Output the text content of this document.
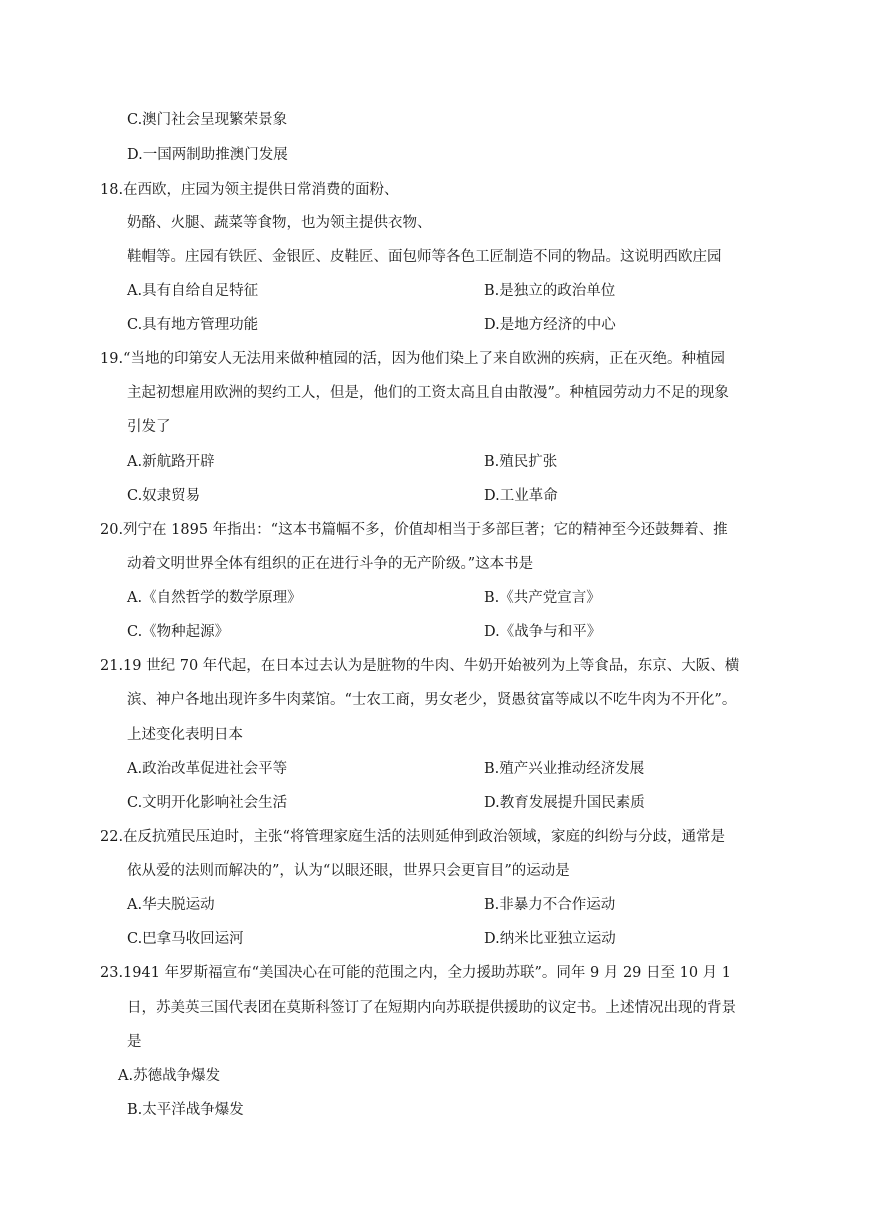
C.澳门社会呈现繁荣景象
D.一国两制助推澳门发展
18.在西欧，庄园为领主提供日常消费的面粉、
奶酪、火腿、蔬菜等食物，也为领主提供衣物、
鞋帽等。庄园有铁匠、金银匠、皮鞋匠、面包师等各色工匠制造不同的物品。这说明西欧庄园
A.具有自给自足特征	B.是独立的政治单位
C.具有地方管理功能	D.是地方经济的中心
19.“当地的印第安人无法用来做种植园的活，因为他们染上了来自欧洲的疾病，正在灭绝。种植园
主起初想雇用欧洲的契约工人，但是，他们的工资太高且自由散漫”。种植园劳动力不足的现象
引发了
A.新航路开辟	B.殖民扩张
C.奴隶贸易	D.工业革命
20.列宁在 1895 年指出：“这本书篇幅不多，价值却相当于多部巨著；它的精神至今还鼓舞着、推
动着文明世界全体有组织的正在进行斗争的无产阶级。”这本书是
A.《自然哲学的数学原理》	B.《共产党宣言》
C.《物种起源》	D.《战争与和平》
21.19 世纪 70 年代起，在日本过去认为是脏物的牛肉、牛奶开始被列为上等食品，东京、大阪、横
滨、神户各地出现许多牛肉菜馆。“士农工商，男女老少，贤愚贫富等咸以不吃牛肉为不开化”。
上述变化表明日本
A.政治改革促进社会平等	B.殖产兴业推动经济发展
C.文明开化影响社会生活	D.教育发展提升国民素质
22.在反抗殖民压迫时，主张“将管理家庭生活的法则延伸到政治领域，家庭的纠纷与分歧，通常是
依从爱的法则而解决的”，认为“以眼还眼，世界只会更盲目”的运动是
A.华夫脱运动	B.非暴力不合作运动
C.巴拿马收回运河	D.纳米比亚独立运动
23.1941 年罗斯福宣布“美国决心在可能的范围之内，全力援助苏联”。同年 9 月 29 日至 10 月 1
日，苏美英三国代表团在莫斯科签订了在短期内向苏联提供援助的议定书。上述情况出现的背景
是
A.苏德战争爆发
B.太平洋战争爆发
